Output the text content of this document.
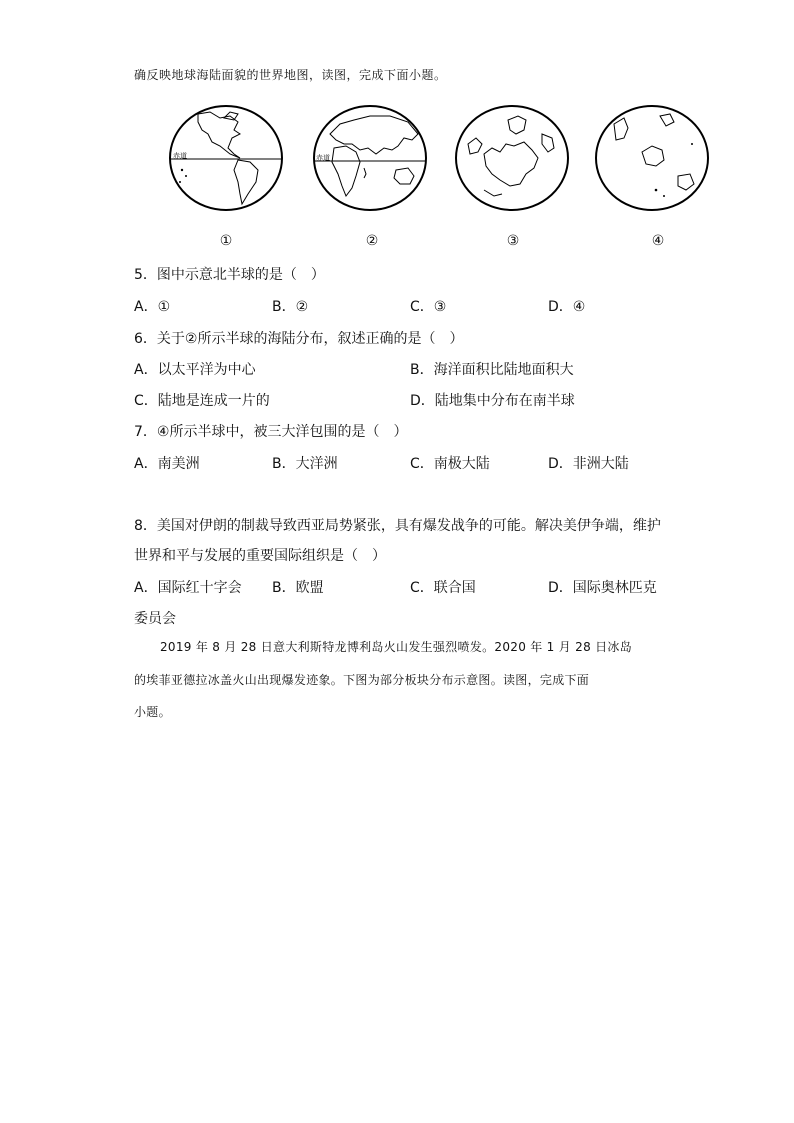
确反映地球海陆面貌的世界地图，读图，完成下面小题。
赤道	赤道
①	②	③	④
5．图中示意北半球的是（　）
A．①	B．②	C．③	D．④
6．关于②所示半球的海陆分布，叙述正确的是（　）
A．以太平洋为中心	B．海洋面积比陆地面积大
C．陆地是连成一片的	D．陆地集中分布在南半球
7．④所示半球中，被三大洋包围的是（　）
A．南美洲	B．大洋洲	C．南极大陆	D．非洲大陆
8．美国对伊朗的制裁导致西亚局势紧张，具有爆发战争的可能。解决美伊争端，维护
世界和平与发展的重要国际组织是（　）
A．国际红十字会 B．欧盟	C．联合国	D．国际奥林匹克
委员会
2019 年 8 月 28 日意大利斯特龙博利岛火山发生强烈喷发。2020 年 1 月 28 日冰岛
的埃菲亚德拉冰盖火山出现爆发迹象。下图为部分板块分布示意图。读图，完成下面
小题。
